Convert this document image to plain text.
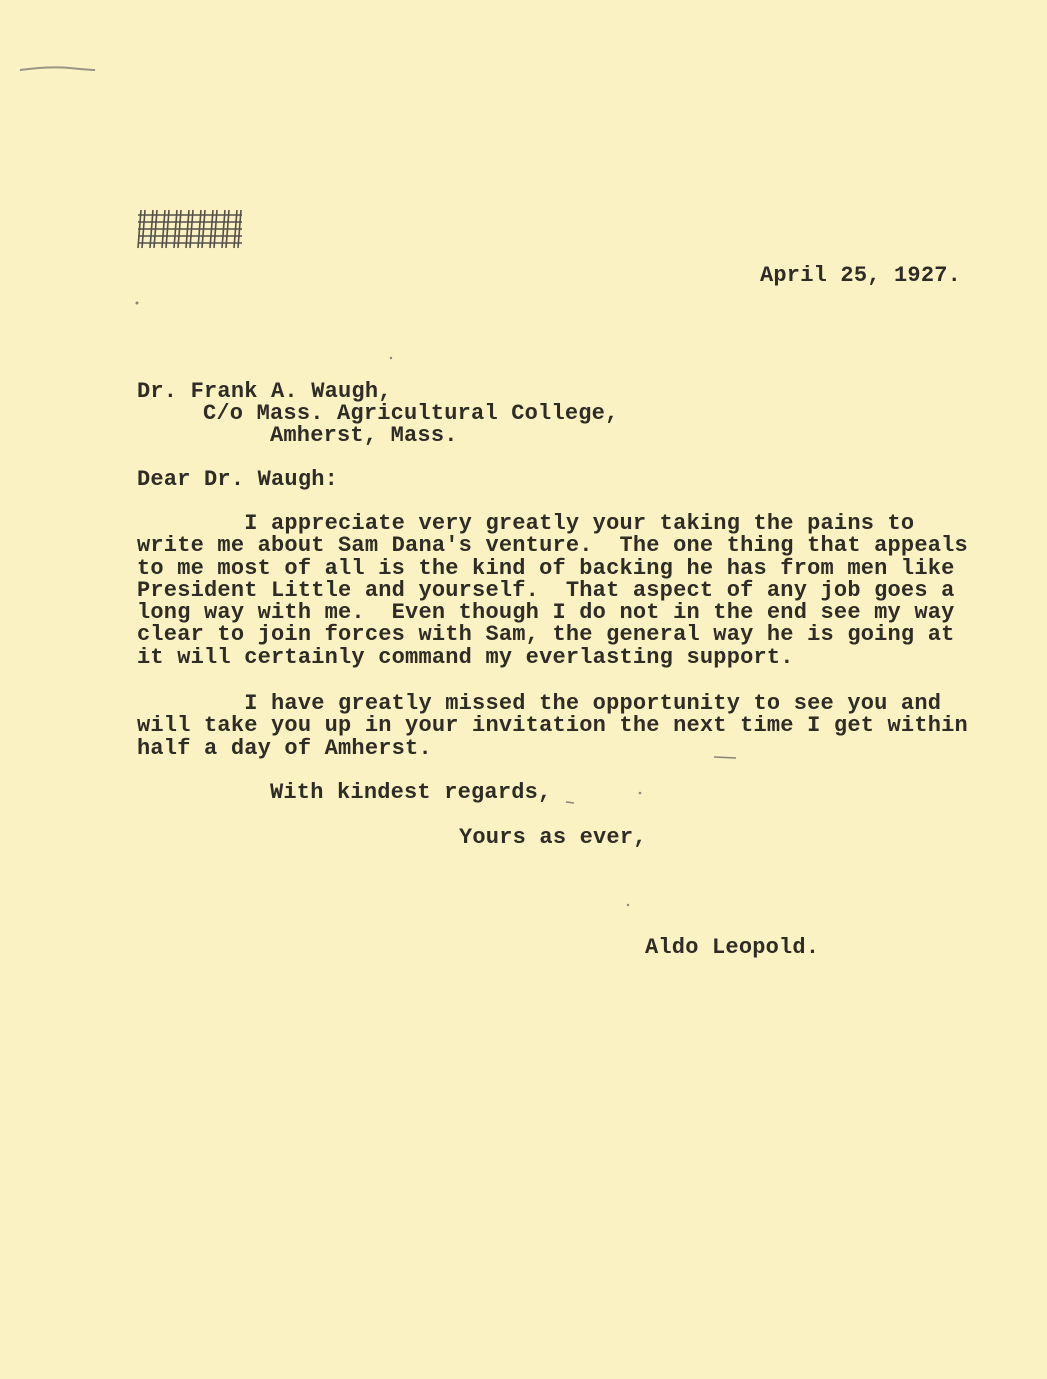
April 25, 1927.
Dr. Frank A. Waugh,
C/o Mass. Agricultural College,
Amherst, Mass.
Dear Dr. Waugh:
I appreciate very greatly your taking the pains to
write me about Sam Dana's venture.  The one thing that appeals
to me most of all is the kind of backing he has from men like
President Little and yourself.  That aspect of any job goes a
long way with me.  Even though I do not in the end see my way
clear to join forces with Sam, the general way he is going at
it will certainly command my everlasting support.
I have greatly missed the opportunity to see you and
will take you up in your invitation the next time I get within
half a day of Amherst.
With kindest regards,
Yours as ever,
Aldo Leopold.
